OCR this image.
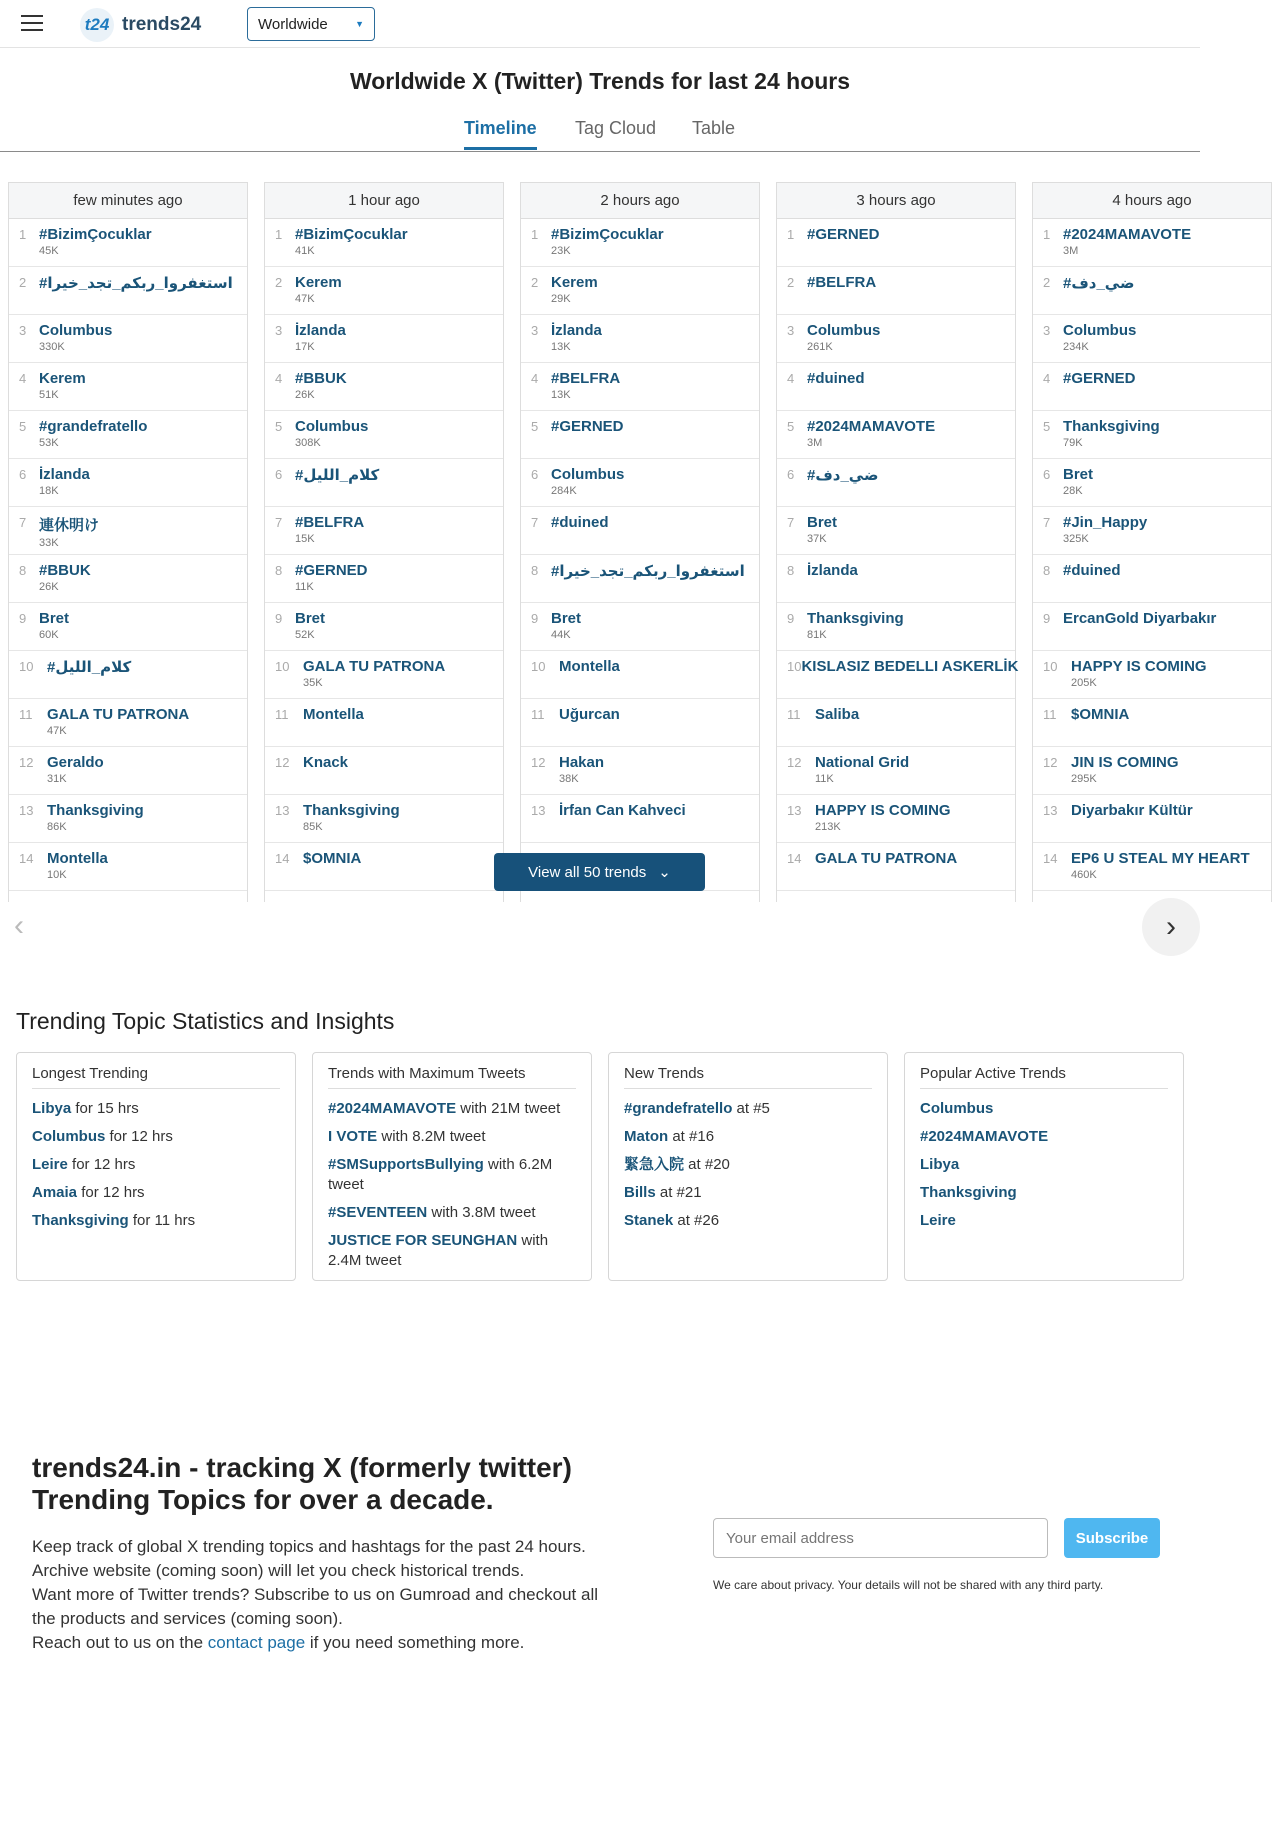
t24 trends24	Worldwide	▼
Worldwide X (Twitter) Trends for last 24 hours
Timeline Tag Cloud Table
few minutes ago
1 #BizimÇocuklar
45K
2 #استغفروا_ربكم_تجد_خيرا
3 Columbus
330K
4 Kerem
51K
5 #grandefratello
53K
6 İzlanda
18K
7 連休明け
33K
8 #BBUK
26K
9 Bret
60K
10 #كلام_الليل
11 GALA TU PATRONA
47K
12 Geraldo
31K
13 Thanksgiving
86K
14 Montella
10K
1 hour ago
1 #BizimÇocuklar
41K
2 Kerem
47K
3 İzlanda
17K
4 #BBUK
26K
5 Columbus
308K
6 #كلام_الليل
7 #BELFRA
15K
8 #GERNED
11K
9 Bret
52K
10 GALA TU PATRONA
35K
11 Montella
12 Knack
13 Thanksgiving
85K
14 $OMNIA
2 hours ago
1 #BizimÇocuklar
23K
2 Kerem
29K
3 İzlanda
13K
4 #BELFRA
13K
5 #GERNED
6 Columbus
284K
7 #duined
8 #استغفروا_ربكم_تجد_خيرا
9 Bret
44K
10 Montella
11 Uğurcan
12 Hakan
38K
13 İrfan Can Kahveci
3 hours ago
1 #GERNED
2 #BELFRA
3 Columbus
261K
4 #duined
5 #2024MAMAVOTE
3M
6 #ضي_دف
7 Bret
37K
8 İzlanda
9 Thanksgiving
81K
10 KISLASIZ BEDELLI ASKERLİK
11 Saliba
12 National Grid
11K
13 HAPPY IS COMING
213K
14 GALA TU PATRONA
4 hours ago
1 #2024MAMAVOTE
3M
2 #ضي_دف
3 Columbus
234K
4 #GERNED
5 Thanksgiving
79K
6 Bret
28K
7 #Jin_Happy
325K
8 #duined
9 ErcanGold Diyarbakır
10 HAPPY IS COMING
205K
11 $OMNIA
12 JIN IS COMING
295K
13 Diyarbakır Kültür
14 EP6 U STEAL MY HEART
460K
View all 50 trends ⌄
‹	›
Trending Topic Statistics and Insights
Longest Trending
Libya for 15 hrs
Columbus for 12 hrs
Leire for 12 hrs
Amaia for 12 hrs
Thanksgiving for 11 hrs
Trends with Maximum Tweets
#2024MAMAVOTE with 21M tweet
I VOTE with 8.2M tweet
#SMSupportsBullying with 6.2M tweet
#SEVENTEEN with 3.8M tweet
JUSTICE FOR SEUNGHAN with 2.4M tweet
New Trends
#grandefratello at #5
Maton at #16
緊急入院 at #20
Bills at #21
Stanek at #26
Popular Active Trends
Columbus
#2024MAMAVOTE
Libya
Thanksgiving
Leire
trends24.in - tracking X (formerly twitter) Trending Topics for over a decade.
Keep track of global X trending topics and hashtags for the past 24 hours.
Archive website (coming soon) will let you check historical trends.
Want more of Twitter trends? Subscribe to us on Gumroad and checkout all the products and services (coming soon).
Reach out to us on the contact page if you need something more.
Your email address
Subscribe
We care about privacy. Your details will not be shared with any third party.
